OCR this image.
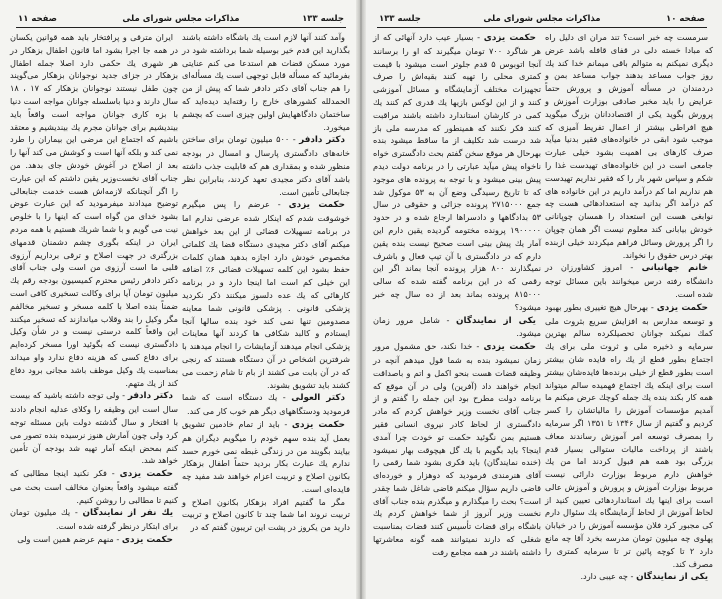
جلسه ۱۳۳
مذاکرات مجلس شورای ملی
صفحه ۱۱

وآمد کنند آنها لازم است یك باشگاه داشته باشند بگذارید این قدم خیر بوسیله شما برداشته شود در مورد مسکن قضات هم استدعا می کنم عنایتی بفرمائید که مسأله قابل توجهی است یك مسأله‌ای را هم جناب آقای دکتر دادفر شما که پیش از من الحمدلله کشورهای خارج را رفته‌اید دیده‌اید که ساختمان دادگاههایش اولین چیزی است که بچشم میخورد.

دکتر دادفر - ۵۰۰ میلیون تومان برای ساختن خانه‌های دادگستری پارسال و امسال در بودجه منظور شده و بمقداری هم که قابلیت جذب داشته باشد آقای دکتر مجیدی تعهد کردند، بنابراین نظر جنابعالی تأمین است.

حکمت یزدی - عرضم را پس میگیرم خوشوقت شدم که اینکار شده عرضی ندارم اما در برنامه تسهیلات قضائی از این بعد خواهش میکنم آقای دکتر مجیدی دستگاه قضا یك کلماتی مخصوص خودش دارد اجازه بدهید همان کلمات حفظ بشود این کلمه تسهیلات قضائی ۶٪ اضافه این خیلی کم است اما اینجا دارد و در برنامه کارهائی که یك عده دلسوز میکنند ذکر نکردید پزشکی قانونی . پزشکی قانونی شما معاینه مصدومین تنها نمی کند خود بنده سالها آنجا ایستادم و کالبد شکافی ها کردند آنها معاینات پزشکی انجام میدهند آزمایشات را انجام میدهند با شرفترین اشخاص در آن دستگاه هستند که رنجی که در آن بابت می کشند از بام تا شام زحمت می کشند باید تشویق بشوند.

دکتر العولی - یك دستگاه است که شما فرمودید ودستگاههای دیگر هم خوب کار می کند.

حکمت یزدی - باید از تمام خادمین تشویق بعمل آید بنده سهم خودم را میگویم دیگران هم بیایند بگویند من در زندگی غبطه نمی خورم حسد ندارم یك عبارت بکار بردید حتماً اطفال بزهکار بکانون اصلاح و تربیت اعزام خواهند شد مفید چه فایده‌ای است.

مگر ما گفتیم افراد بزهکار بکانون اصلاح و تربیت نروند اما شما چند تا کانون اصلاح و تربیت دارید من یکروز در پشت این تریبون گفتم که در

ایران مترقی و پرافتخار باید همه قوانین یکسان در همه جا اجرا بشود اما قانون اطفال بزهکار در هر شهری یك حکمی دارد اصلا جمله اطفال بزهکار در جزای جدید نوجوانان بزهکار می‌گویند چون طفل نیستند نوجوانان بزهکار که ۱۷ ، ۱۸ سال دارند و دنیا باسلسله جوانان مواجه است دنیا با بزه کاری جوانان مواجه است واقعاً باید بیندیشیم برای جوانان مجرم یك بیندیشیم و معتقد باشیم که اجتماع این مرضی این بیماران را طرد نمی کند و بلکه آنها است و کوشش می کند آنها را بعد از اصلاح در آغوش خودش جای بدهد. من جناب آقای نخست‌وزیر یقین داشتم که این عبارت را اگر آنچنانکه لازمه‌اش هست خدمت جنابعالی توضیح میدادند میفرمودید که این عبارت عوض بشود خدای من گواه است که اینها را با خلوص نیت می گویم و با شما شریك هستیم با همه مردم ایران در اینکه بگوری چشم دشمنان قدمهای بزرگتری در جهت اصلاح و ترقی برداریم آرزوی قلبی ما است آرزوی من است ولی جناب آقای دکتر دادفر رئیس محترم کمیسیون بودجه رقم یك میلیون تومان آیا برای وکالت تسخیری کافی است ضمناً بنده اصلا با کلمه مسخر و تسخیر مخالفم مگر وکیل را بند وقلاب میاندازند که تسخیر میکنند این واقعاً کلمه درستی نیست و در شأن وکیل دادگستری نیست که بگوئید اورا مسخر کرده‌ایم برای دفاع کسی که هزینه دفاع ندارد واو میداند بمناسبت یك وکیل موظف باشد مجانی برود دفاع کند از یك متهم.

دکتر دادفر - ولی توجه داشته باشید که بیست سال است این وظیفه را وکلای عدلیه انجام دادند با افتخار و سال گذشته دولت باین مسئله توجه کرد ولی چون آمارش هنوز نرسیده بنده تصور می کنم بمحض اینکه آمار تهیه شد بودجه آن تأمین خواهد شد.

حکمت یزدی - فکر نکنید اینجا مطالبی که گفته میشود واقعاً بعنوان مخالف است بحث می کنیم تا مطالبی را روشن کنیم.

یك نفر از نمایندگان - یك میلیون تومان برای ابتکار درنظر گرفته شده است.

حکمت یزدی - منهم عرضم همین است ولی

صفحه ۱۰
مذاکرات مجلس شورای ملی
جلسه ۱۳۳

سرمست چه خبر است؟ تند مران ای دلیل راه که مبادا خسته دلی در قفای قافله باشد عرض دیگری نمیکنم به متوالم باقی میمانم خدا کند یك روز جواب مساعد بدهند جواب مساعد بمن و دردمندان در مسأله آموزش و پرورش حتماً عرایض را باید مخبر صادقی بوزارت آموزش و پرورش بگوید یکی از اقتصاددانان بزرگ میگوید هیچ افراطی بیشتر از اعمال تفریط آمیزی که موجب شود ابقی در خانواده‌های فقیر بدنیا میآید صرف کارهای بی اهمیت بشود خیلی عبارت جامعی است در این خانواده‌های تهیدست غذا را شکم و سپاس شهر بار را که فقیر نداریم تهیدست هم نداریم اما کم درآمد داریم در این خانواده های کم درآمد اگر بدانید چه استعدادهائی هست چه نوابغی هست این استعداد را همسان چوپانانی خودش بیابانی کند معلوم نیست اگر همان چوپان را اگر پرورش وسائل فراهم میکردند خیلی ازبنده بهتر درس حقوق را نخواند.

خانم جهانبانی - امروز کشاورزان در دانشگاه رفته درس میخوانند باین مسائل توجه شده است.

حکمت یزدی - بهرحال هیچ تغییری بطور بهبود و توسعه مدارس به افزایش سریع بثروت ملی کمك نمیکند جوانان تحصیلکرده سالم بهترین سرمایه و ذخیره ملی و ثروت ملی برای یك اجتماع بطور قطع از یك راه فایده شان بیشتر است بطور قطع از خیلی برنده‌ها فایده‌شان بیشتر است برای اینکه یك اجتماع فهمیده سالم میتواند همه کار بکند بنده یك جمله کوچك عرض میکنم ما آمدیم مؤسسات آموزش را مالیاتشان را کسر کردیم و گفتیم از سال ۱۳۴۶ تا ۱۳۵۱ اگر سرمایه را بمصرف توسعه امر آموزش رساندند معاف باشند از پرداخت مالیات ستوالی بسیار قدم بزرگی بود همه هم قبول کردند اما من یك خواهش دارم مربوط بوزارت دارائی نیست مربوط بوزارت آموزش و پرورش و آموزش عالی است برای اینها یك استانداردهائی تعیین کنید از لحاظ آموزش از لحاظ آزمایشگاه یك سئوال دارم کی مجبور کرد فلان مؤسسه آموزش را در خیابان پهلوی چه میلیون تومان مدرسه بخرد آقا چه مانع دارد ۲ تا کوچه پائین تر تا سرمایه کمتری را مصرف کند.

یکی از نمایندگان - چه عیبی دارد.

حکمت یزدی - بسیار عیب دارد آنهائی که از هر شاگرد ۷۰۰ تومان میگیرند که او را برسانند آنجا اتوبوس ۵ قدم جلوتر است میشود با قیمت کمتری محلی را تهیه کنند بقیه‌اش را صرف تجهیزات مختلف آزمایشگاه و مسائل آموزشی کنند و از این لوکس بازیها یك قدری کم کنند یك کمی در کارشان استاندارد داشته باشند مراقبت کنند فکر نکنند که همینطور که مدرسه ملی باز شد درست شد تکلیف از ما ساقط میشود بنده بهرحال هر موقع سخن گفتم بحث دادگستری خواه ناخواه پیش میآید عبارتی را در برنامه دولت دیدم پیش بینی میشود و با توجه به پرونده های موجود که تا تاریخ رسیدگی وضع آن به ۵۳ موکول شد جمع ۲۷۱۵۰۰۰ پرونده جزائی و حقوقی در سال ۵۳ بدادگاهها و دادسراها ارجاع شده و در حدود ۱۹۰۰۰۰۰ پرونده مختومه گردیده یقین دارم این آمار یك پیش بینی است صحیح نیست بنده یقین دارم که در دادگستری با آن تیپ فعال و باشرف نمیگذارند ۸۰۰ هزار پرونده آنجا بماند اگر این رقمی که در این برنامه گفته شده که سالی ۸۱۵۰۰۰ پرونده بماند بعد از ده سال چه خبر میشود؟

یکی از نمایندگان - شامل مرور زمان میشود.

حکمت یزدی - خدا نکند، حق مشمول مرور زمان نمیشود بنده به شما قول میدهم آنچه در وظیفه قضات هست بنحو اکمل و اتم و باصداقت انجام خواهند داد (آفرین) ولی در آن موقع که برنامه دولت مطرح بود این جمله را گفتم و از جناب آقای نخست وزیر خواهش کردم که مادر دادگستری از لحاظ کادر نیروی انسانی فقیر هستیم بمن نگوئید حکمت تو خودت چرا آمدی اینجا؟ باید بگویم با یك گل هیچوقت بهار نمیشود (خنده نمایندگان) باید فکری بشود شما رقمی را آقای هنرمندی فرمودید که دوهزار و خورده‌ای قاضی داریم سؤال میکنم قاضی شاغل شما چقدر است؟ بحث را میگذارم و میگذرم بنده جناب آقای نخست وزیر آنروز از شما خواهش کردم یك باشگاه برای قضات تأسیس کنند قضات بمناسبت شغلی که دارند نمیتوانند همه گونه معاشرتها داشته باشند در همه مجامع رفت
